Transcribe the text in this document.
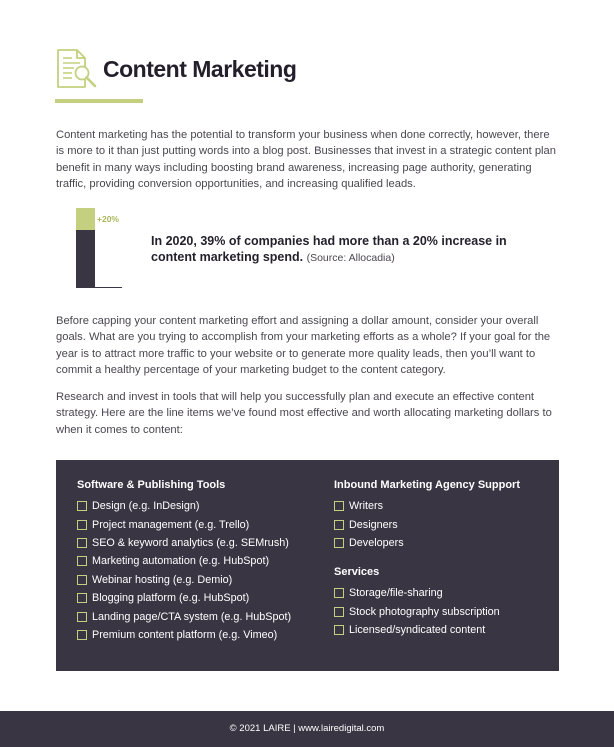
Content Marketing

Content marketing has the potential to transform your business when done correctly, however, there is more to it than just putting words into a blog post. Businesses that invest in a strategic content plan benefit in many ways including boosting brand awareness, increasing page authority, generating traffic, providing conversion opportunities, and increasing qualified leads.

+20%
In 2020, 39% of companies had more than a 20% increase in content marketing spend. (Source: Allocadia)

Before capping your content marketing effort and assigning a dollar amount, consider your overall goals. What are you trying to accomplish from your marketing efforts as a whole? If your goal for the year is to attract more traffic to your website or to generate more quality leads, then you’ll want to commit a healthy percentage of your marketing budget to the content category.

Research and invest in tools that will help you successfully plan and execute an effective content strategy. Here are the line items we’ve found most effective and worth allocating marketing dollars to when it comes to content:

Software & Publishing Tools
Design (e.g. InDesign)
Project management (e.g. Trello)
SEO & keyword analytics (e.g. SEMrush)
Marketing automation (e.g. HubSpot)
Webinar hosting (e.g. Demio)
Blogging platform (e.g. HubSpot)
Landing page/CTA system (e.g. HubSpot)
Premium content platform (e.g. Vimeo)
Inbound Marketing Agency Support
Writers
Designers
Developers
Services
Storage/file-sharing
Stock photography subscription
Licensed/syndicated content
© 2021 LAIRE | www.lairedigital.com
